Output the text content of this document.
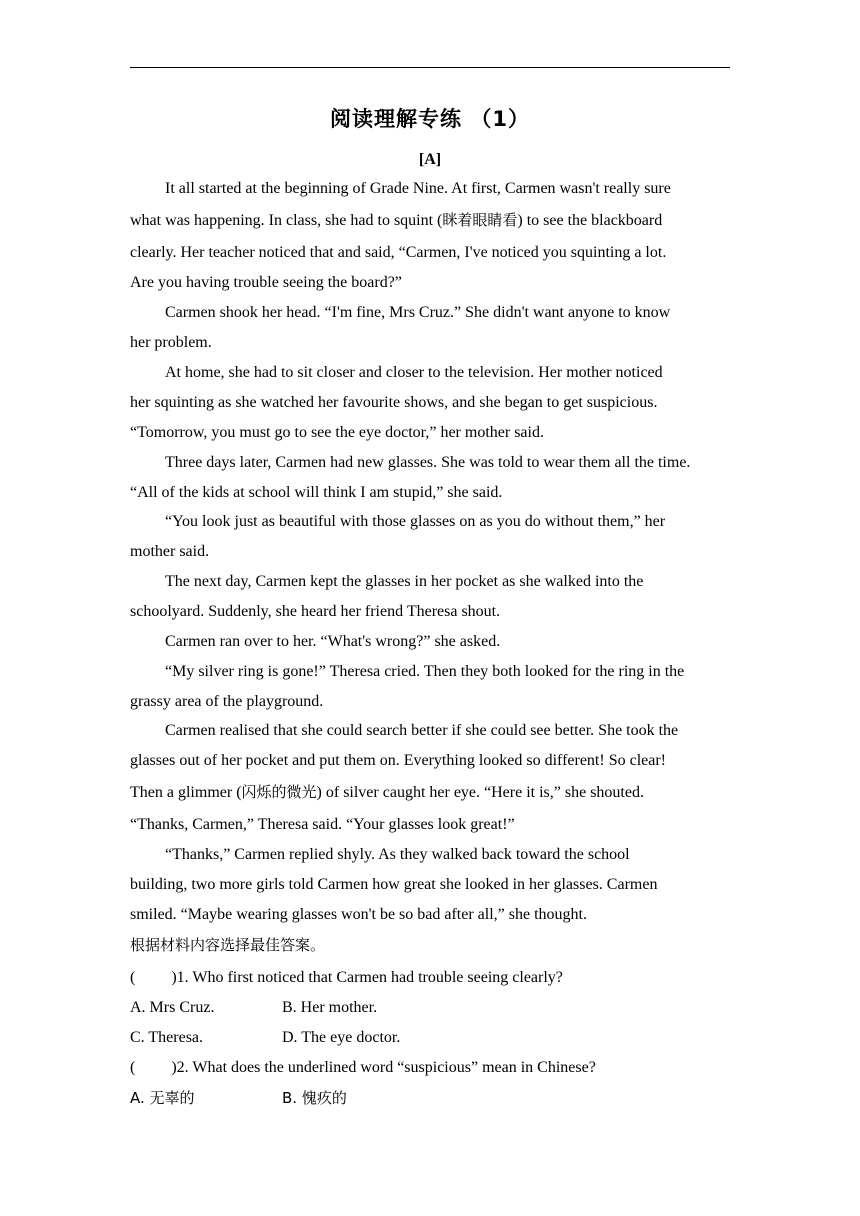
阅读理解专练 （1）
[A]
It all started at the beginning of Grade Nine. At first, Carmen wasn't really sure
what was happening. In class, she had to squint (眯着眼睛看) to see the blackboard
clearly. Her teacher noticed that and said, “Carmen, I've noticed you squinting a lot.
Are you having trouble seeing the board?”
Carmen shook her head. “I'm fine, Mrs Cruz.” She didn't want anyone to know
her problem.
At home, she had to sit closer and closer to the television. Her mother noticed
her squinting as she watched her favourite shows, and she began to get suspicious.
“Tomorrow, you must go to see the eye doctor,” her mother said.
Three days later, Carmen had new glasses. She was told to wear them all the time.
“All of the kids at school will think I am stupid,” she said.
“You look just as beautiful with those glasses on as you do without them,” her
mother said.
The next day, Carmen kept the glasses in her pocket as she walked into the
schoolyard. Suddenly, she heard her friend Theresa shout.
Carmen ran over to her. “What's wrong?” she asked.
“My silver ring is gone!” Theresa cried. Then they both looked for the ring in the
grassy area of the playground.
Carmen realised that she could search better if she could see better. She took the
glasses out of her pocket and put them on. Everything looked so different! So clear!
Then a glimmer (闪烁的微光) of silver caught her eye. “Here it is,” she shouted.
“Thanks, Carmen,” Theresa said. “Your glasses look great!”
“Thanks,” Carmen replied shyly. As they walked back toward the school
building, two more girls told Carmen how great she looked in her glasses. Carmen
smiled. “Maybe wearing glasses won't be so bad after all,” she thought.
根据材料内容选择最佳答案。
( )1. Who first noticed that Carmen had trouble seeing clearly?
A. Mrs Cruz.	B. Her mother.
C. Theresa.	D. The eye doctor.
( )2. What does the underlined word “suspicious” mean in Chinese?
A. 无辜的	B. 愧疚的
